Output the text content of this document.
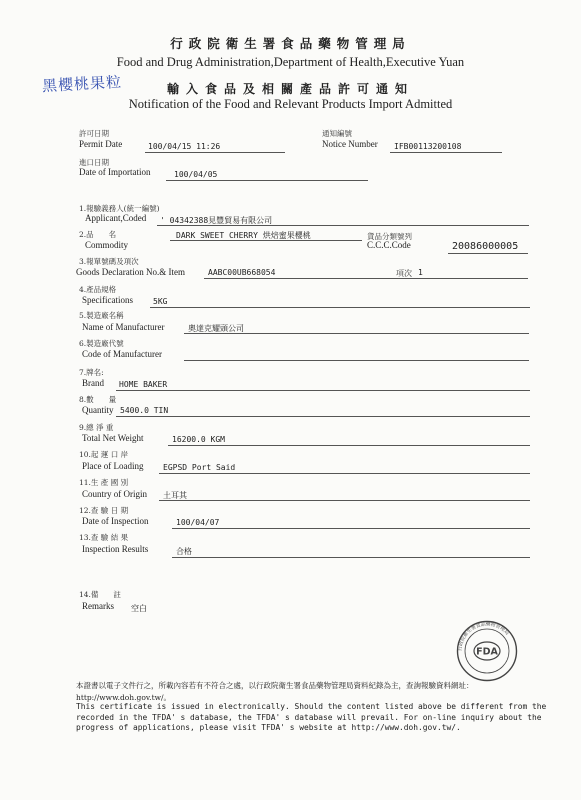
行政院衛生署食品藥物管理局
Food and Drug Administration,Department of Health,Executive Yuan
黑櫻桃果粒	輸入食品及相關產品許可通知
Notification of the Food and Relevant Products Import Admitted
許可日期
Permit Date	100/04/15 11:26
通知編號
Notice Number IFB00113200108
進口日期
Date of Importation	100/04/05
1.報驗義務人(統一編號)
Applicant,Coded ' 04342388見豐貿易有限公司
2.品　　名
Commodity
DARK SWEET CHERRY 烘焙蜜果櫻桃	貨品分類號列
C.C.C.Code	20086000005
3.報單號碼及項次
Goods Declaration No.& Item	AABC00UB668054	項次 1
4.產品規格
Specifications	5KG
5.製造廠名稱
Name of Manufacturer	奧達克耀頭公司
6.製造廠代號
Code of Manufacturer
7.牌名:
Brand HOME BAKER
8.數　　量
Quantity 5400.0 TIN
9.總 淨 重
Total Net Weight	16200.0 KGM
10.起 運 口 岸
Place of Loading EGPSD Port Said
11.生 產 國 別
Country of Origin 土耳其
12.查 驗 日 期
Date of Inspection	100/04/07
13.查 驗 結 果
Inspection Results	合格
14.備　　註
Remarks 空白
行政院衛生署食品藥物管理局
FDA
本證書以電子文件行之，所載內容若有不符合之處，以行政院衛生署食品藥物管理局資料紀錄為主，查詢報驗資料網址：http://www.doh.gov.tw/。
This certificate is issued in electronically. Should the content listed above be different from the
recorded in the TFDA' s database, the TFDA' s database will prevail. For on-line inquiry about the
progress of applications, please visit TFDA' s website at http://www.doh.gov.tw/.
